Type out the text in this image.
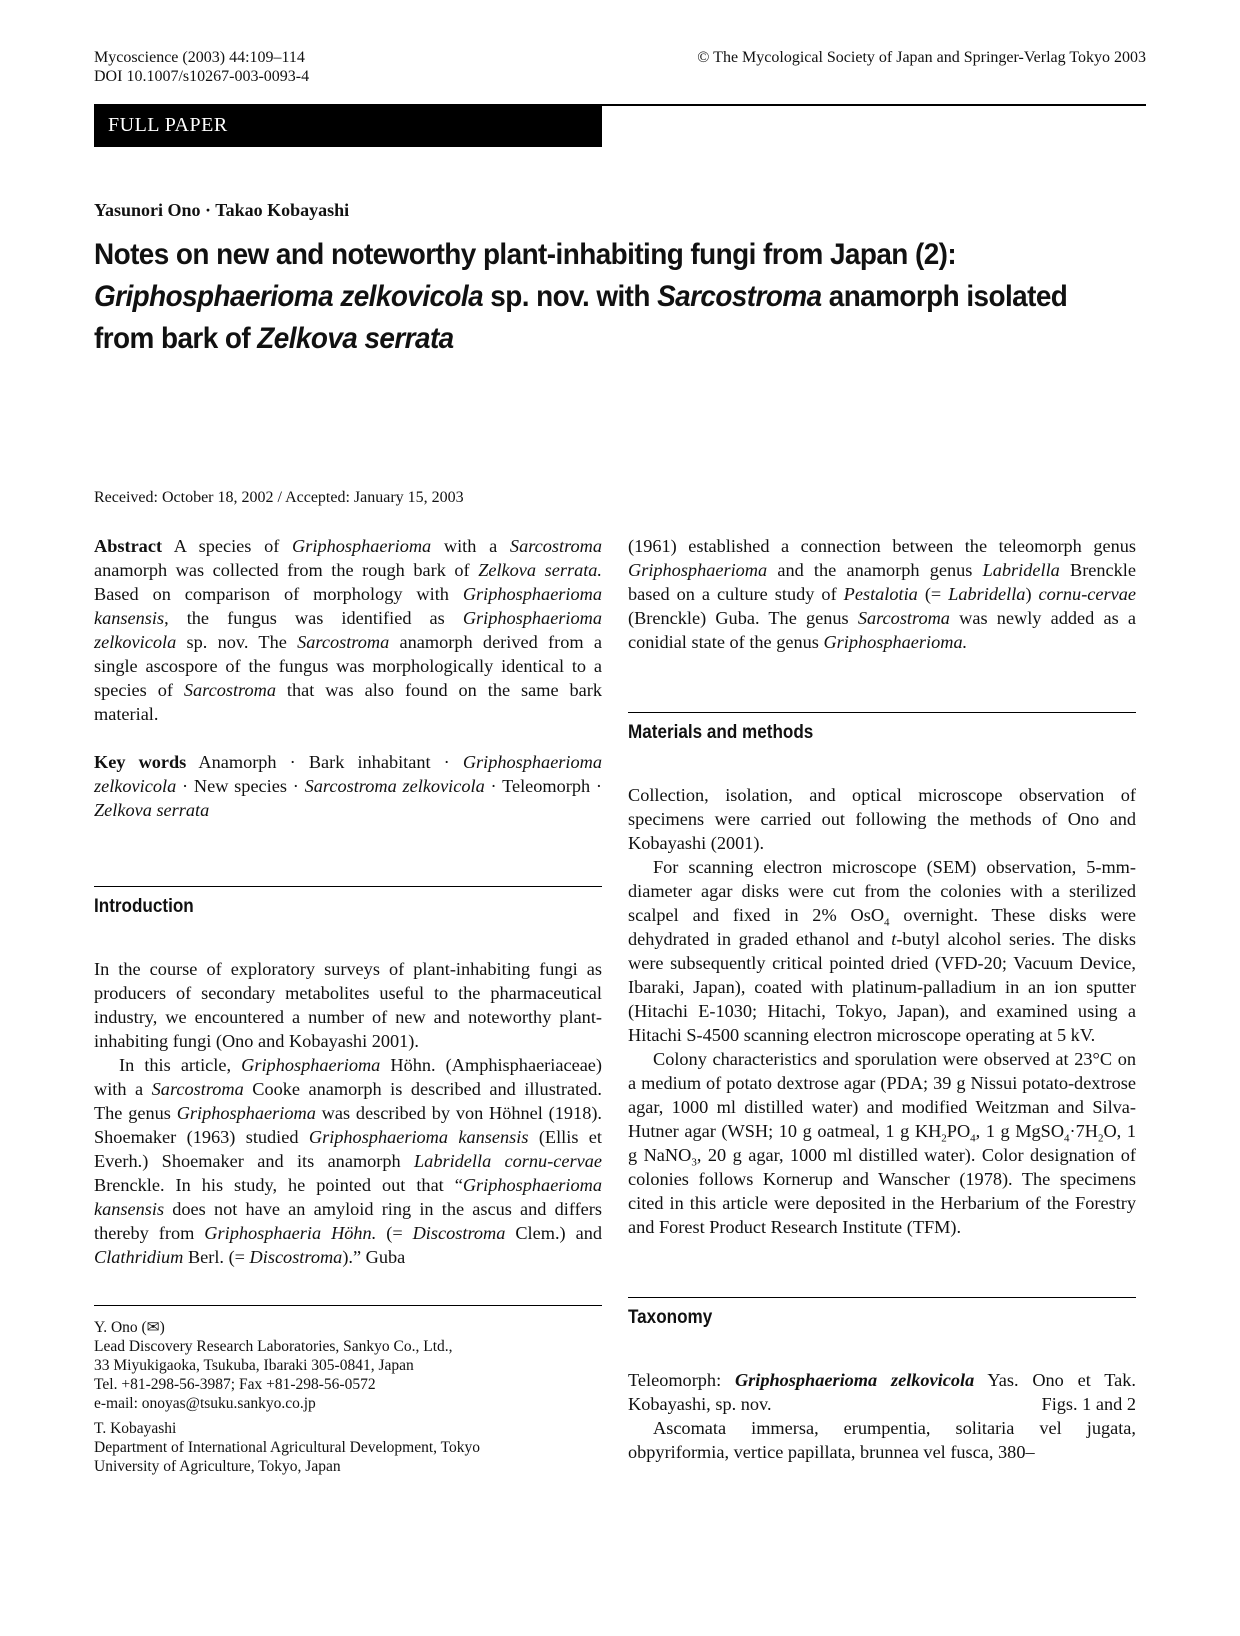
Mycoscience (2003) 44:109–114
DOI 10.1007/s10267-003-0093-4
© The Mycological Society of Japan and Springer-Verlag Tokyo 2003
FULL PAPER
Yasunori Ono · Takao Kobayashi
Notes on new and noteworthy plant-inhabiting fungi from Japan (2):
Griphosphaerioma zelkovicola sp. nov. with Sarcostroma anamorph isolated
from bark of Zelkova serrata
Received: October 18, 2002 / Accepted: January 15, 2003

Abstract A species of Griphosphaerioma with a Sarcostroma anamorph was collected from the rough bark of Zelkova serrata. Based on comparison of morphology with Griphosphaerioma kansensis, the fungus was identified as Griphosphaerioma zelkovicola sp. nov. The Sarcostroma anamorph derived from a single ascospore of the fungus was morphologically identical to a species of Sarcostroma that was also found on the same bark material.

Key words Anamorph · Bark inhabitant · Griphosphaerioma zelkovicola · New species · Sarcostroma zelkovicola · Teleomorph · Zelkova serrata

Introduction

In the course of exploratory surveys of plant-inhabiting fungi as producers of secondary metabolites useful to the pharmaceutical industry, we encountered a number of new and noteworthy plant-inhabiting fungi (Ono and Kobayashi 2001).

In this article, Griphosphaerioma Höhn. (Amphisphaeriaceae) with a Sarcostroma Cooke anamorph is described and illustrated. The genus Griphosphaerioma was described by von Höhnel (1918). Shoemaker (1963) studied Griphosphaerioma kansensis (Ellis et Everh.) Shoemaker and its anamorph Labridella cornu-cervae Brenckle. In his study, he pointed out that “Griphosphaerioma kansensis does not have an amyloid ring in the ascus and differs thereby from Griphosphaeria Höhn. (= Discostroma Clem.) and Clathridium Berl. (= Discostroma).” Guba

Y. Ono (✉)

Lead Discovery Research Laboratories, Sankyo Co., Ltd.,

33 Miyukigaoka, Tsukuba, Ibaraki 305-0841, Japan

Tel. +81-298-56-3987; Fax +81-298-56-0572

e-mail: onoyas@tsuku.sankyo.co.jp

T. Kobayashi

Department of International Agricultural Development, Tokyo

University of Agriculture, Tokyo, Japan

(1961) established a connection between the teleomorph genus Griphosphaerioma and the anamorph genus Labridella Brenckle based on a culture study of Pestalotia (= Labridella) cornu-cervae (Brenckle) Guba. The genus Sarcostroma was newly added as a conidial state of the genus Griphosphaerioma.

Materials and methods

Collection, isolation, and optical microscope observation of specimens were carried out following the methods of Ono and Kobayashi (2001).

For scanning electron microscope (SEM) observation, 5-mm-diameter agar disks were cut from the colonies with a sterilized scalpel and fixed in 2% OsO$_4$ overnight. These disks were dehydrated in graded ethanol and t-butyl alcohol series. The disks were subsequently critical pointed dried (VFD-20; Vacuum Device, Ibaraki, Japan), coated with platinum-palladium in an ion sputter (Hitachi E-1030; Hitachi, Tokyo, Japan), and examined using a Hitachi S-4500 scanning electron microscope operating at 5 kV.

Colony characteristics and sporulation were observed at 23°C on a medium of potato dextrose agar (PDA; 39 g Nissui potato-dextrose agar, 1000 ml distilled water) and modified Weitzman and Silva-Hutner agar (WSH; 10 g oatmeal, 1 g $KH_2PO_4$, 1 g $MgSO_4\cdot 7H_2O$, 1 g NaNO$_3$, 20 g agar, 1000 ml distilled water). Color designation of colonies follows Kornerup and Wanscher (1978). The specimens cited in this article were deposited in the Herbarium of the Forestry and Forest Product Research Institute (TFM).

Taxonomy

Teleomorph: Griphosphaerioma zelkovicola Yas. Ono et Tak. Kobayashi, sp. nov.	Figs. 1 and 2

Ascomata immersa, erumpentia, solitaria vel jugata, obpyriformia, vertice papillata, brunnea vel fusca, 380–
